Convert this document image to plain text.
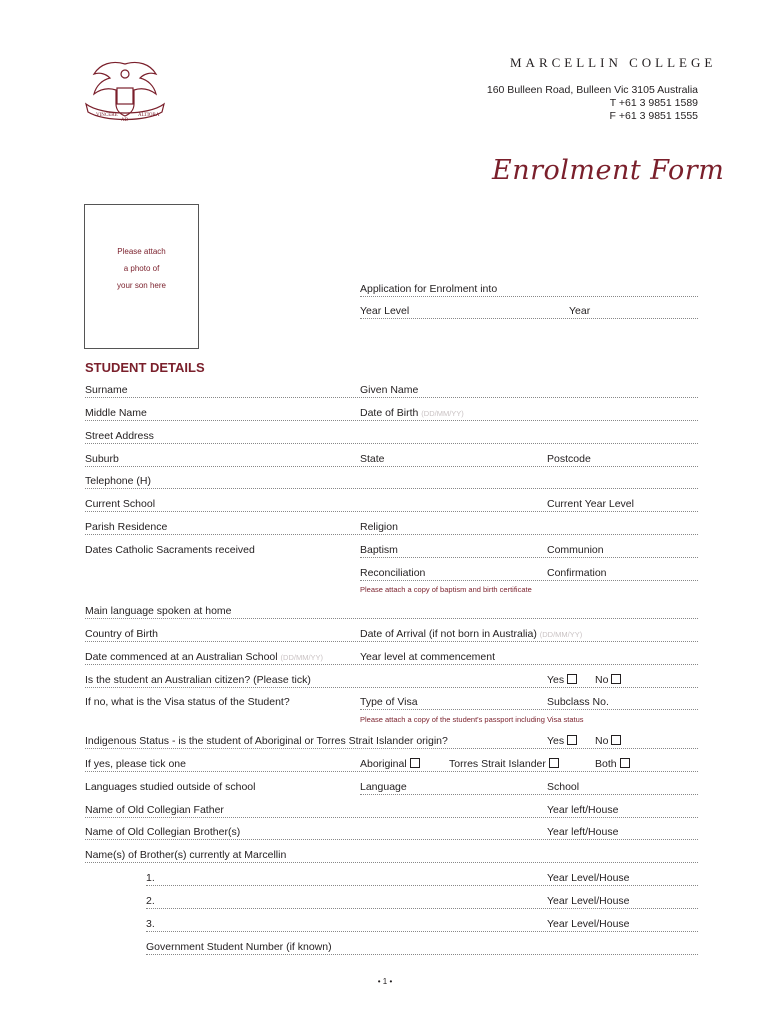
VINCERE
AD
ALTIORA
MARCELLIN COLLEGE
160 Bulleen Road, Bulleen Vic 3105 Australia
T +61 3 9851 1589
F +61 3 9851 1555
Enrolment Form
Please attach
a photo of
your son here	Application for Enrolment into
Year Level	Year
STUDENT DETAILS
Surname	Given Name
Middle Name	Date of Birth (DD/MM/YY)
Street Address
Suburb	State	Postcode
Telephone (H)
Current School	Current Year Level
Parish Residence	Religion
Dates Catholic Sacraments received	Baptism	Communion
Reconciliation	Confirmation
Please attach a copy of baptism and birth certificate
Main language spoken at home
Country of Birth	Date of Arrival (if not born in Australia) (DD/MM/YY)
Date commenced at an Australian School (DD/MM/YY)	Year level at commencement
Is the student an Australian citizen? (Please tick)	Yes	No
If no, what is the Visa status of the Student?	Type of Visa	Subclass No.
Please attach a copy of the student's passport including Visa status
Indigenous Status - is the student of Aboriginal or Torres Strait Islander origin?	Yes	No
If yes, please tick one	Aboriginal	Torres Strait Islander	Both
Languages studied outside of school	Language	School
Name of Old Collegian Father	Year left/House
Name of Old Collegian Brother(s)	Year left/House
Name(s) of Brother(s) currently at Marcellin
1.	Year Level/House
2.	Year Level/House
3.	Year Level/House
Government Student Number (if known)
• 1 •
